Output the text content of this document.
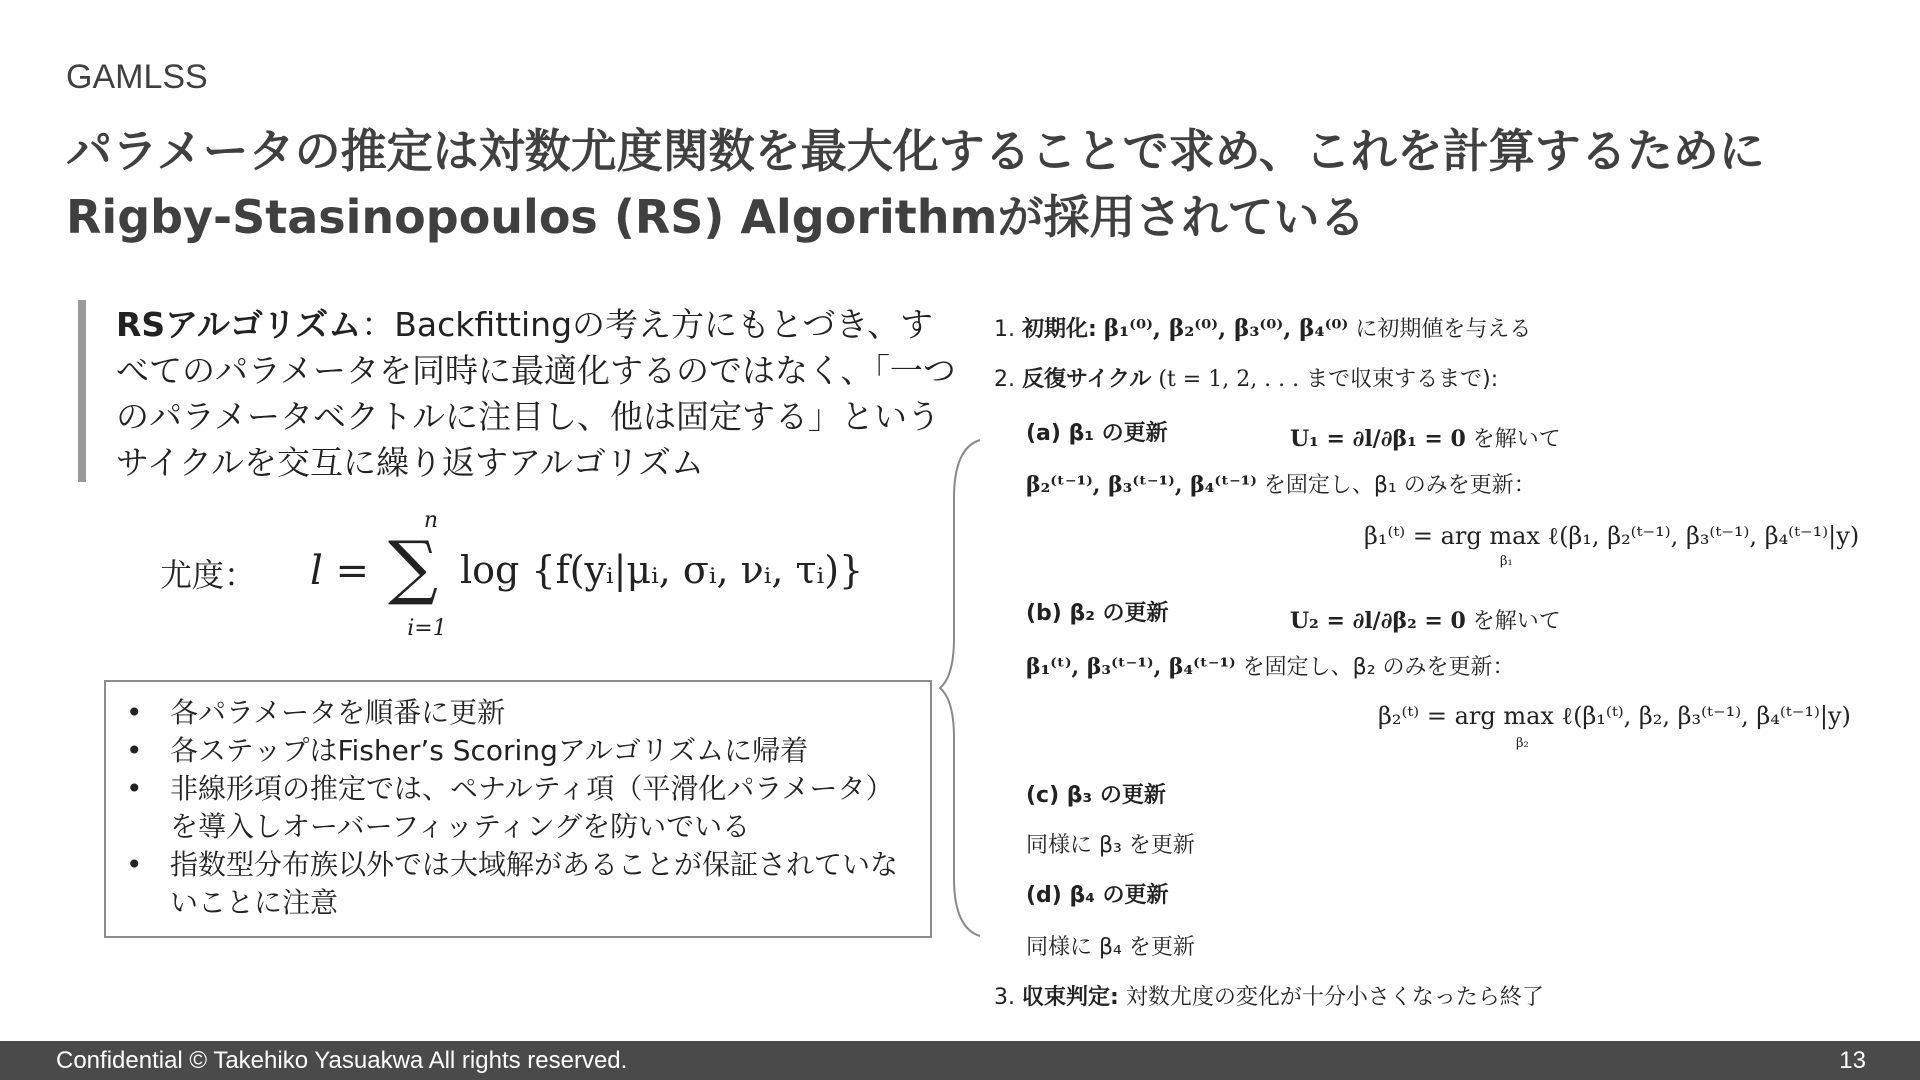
GAMLSS
パラメータの推定は対数尤度関数を最大化することで求め、これを計算するためにRigby-Stasinopoulos (RS) Algorithmが採用されている
RSアルゴリズム：Backfittingの考え方にもとづき、すべてのパラメータを同時に最適化するのではなく、「一つのパラメータベクトルに注目し、他は固定する」というサイクルを交互に繰り返すアルゴリズム
尤度： l =
n
∑
i=1
log {f(yᵢ|μᵢ, σᵢ, νᵢ, τᵢ)}
• 各パラメータを順番に更新
• 各ステップはFisher’s Scoringアルゴリズムに帰着
• 非線形項の推定では、ペナルティ項（平滑化パラメータ）を導入しオーバーフィッティングを防いでいる
• 指数型分布族以外では大域解があることが保証されていないことに注意
1. 初期化: β₁⁽⁰⁾, β₂⁽⁰⁾, β₃⁽⁰⁾, β₄⁽⁰⁾ に初期値を与える
2. 反復サイクル (t = 1, 2, . . . まで収束するまで):
(a) β₁ の更新	U₁ = ∂l/∂β₁ = 0 を解いて
β₂⁽ᵗ⁻¹⁾, β₃⁽ᵗ⁻¹⁾, β₄⁽ᵗ⁻¹⁾ を固定し、β₁ のみを更新：
β₁⁽ᵗ⁾ = arg max ℓ(β₁, β₂⁽ᵗ⁻¹⁾, β₃⁽ᵗ⁻¹⁾, β₄⁽ᵗ⁻¹⁾|y)
β₁
(b) β₂ の更新	U₂ = ∂l/∂β₂ = 0 を解いて
β₁⁽ᵗ⁾, β₃⁽ᵗ⁻¹⁾, β₄⁽ᵗ⁻¹⁾ を固定し、β₂ のみを更新：
β₂⁽ᵗ⁾ = arg max ℓ(β₁⁽ᵗ⁾, β₂, β₃⁽ᵗ⁻¹⁾, β₄⁽ᵗ⁻¹⁾|y)
β₂
(c) β₃ の更新
同様に β₃ を更新
(d) β₄ の更新
同様に β₄ を更新
3. 収束判定: 対数尤度の変化が十分小さくなったら終了
Confidential © Takehiko Yasuakwa All rights reserved.	13
